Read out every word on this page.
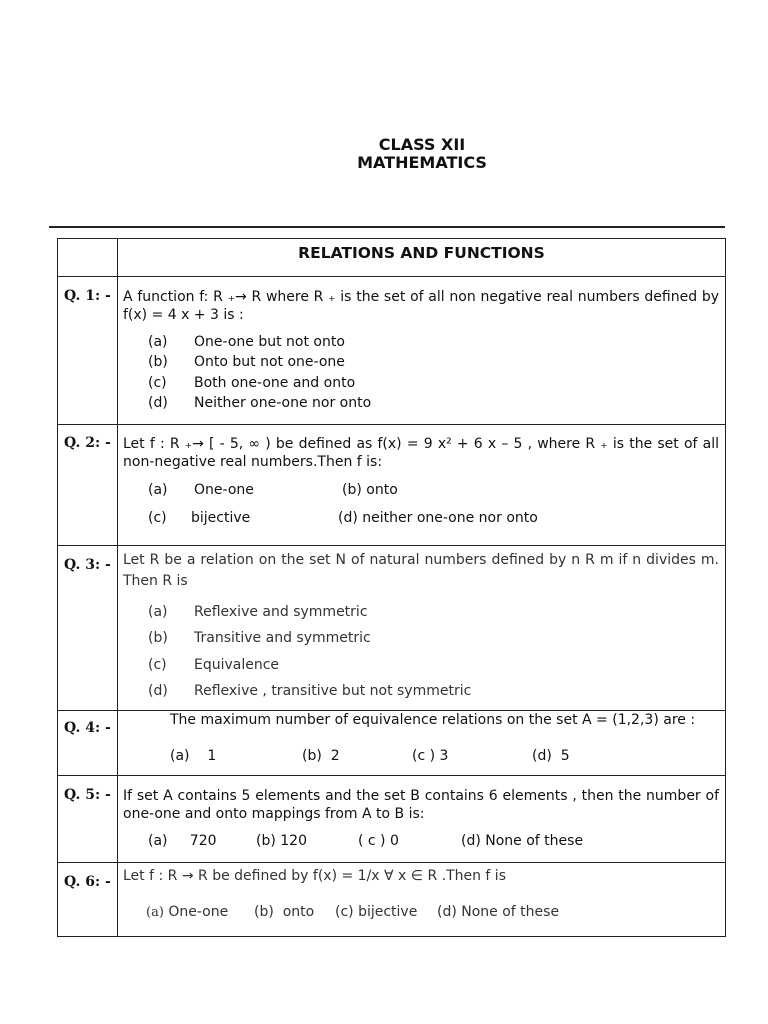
CLASS XII
MATHEMATICS
RELATIONS AND FUNCTIONS
Q. 1: - A function f: R ₊→ R where R ₊ is the set of all non negative real numbers defined by f(x) = 4 x + 3 is :
(a) One-one but not onto
(b) Onto but not one-one
(c) Both one-one and onto
(d) Neither one-one nor onto
Q. 2: - Let f : R ₊→ [ - 5, ∞ ) be defined as f(x) = 9 x² + 6 x – 5 , where R ₊ is the set of all non-negative real numbers.Then f is:
(a) One-one	(b) onto
(c) bijective	(d) neither one-one nor onto
Q. 3: - Let R be a relation on the set N of natural numbers defined by n R m if n divides m. Then R is
(a) Reflexive and symmetric
(b) Transitive and symmetric
(c) Equivalence
(d) Reflexive , transitive but not symmetric
Q. 4: -	The maximum number of equivalence relations on the set A = (1,2,3) are :
(a) 1	(b) 2	(c ) 3	(d) 5
Q. 5: - If set A contains 5 elements and the set B contains 6 elements , then the number of one-one and onto mappings from A to B is:
(a) 720	(b) 120	( c ) 0	(d) None of these
Q. 6: - Let f : R → R be defined by f(x) = 1/x ∀ x ∈ R .Then f is
(a) One-one (b) onto (c) bijective (d) None of these
